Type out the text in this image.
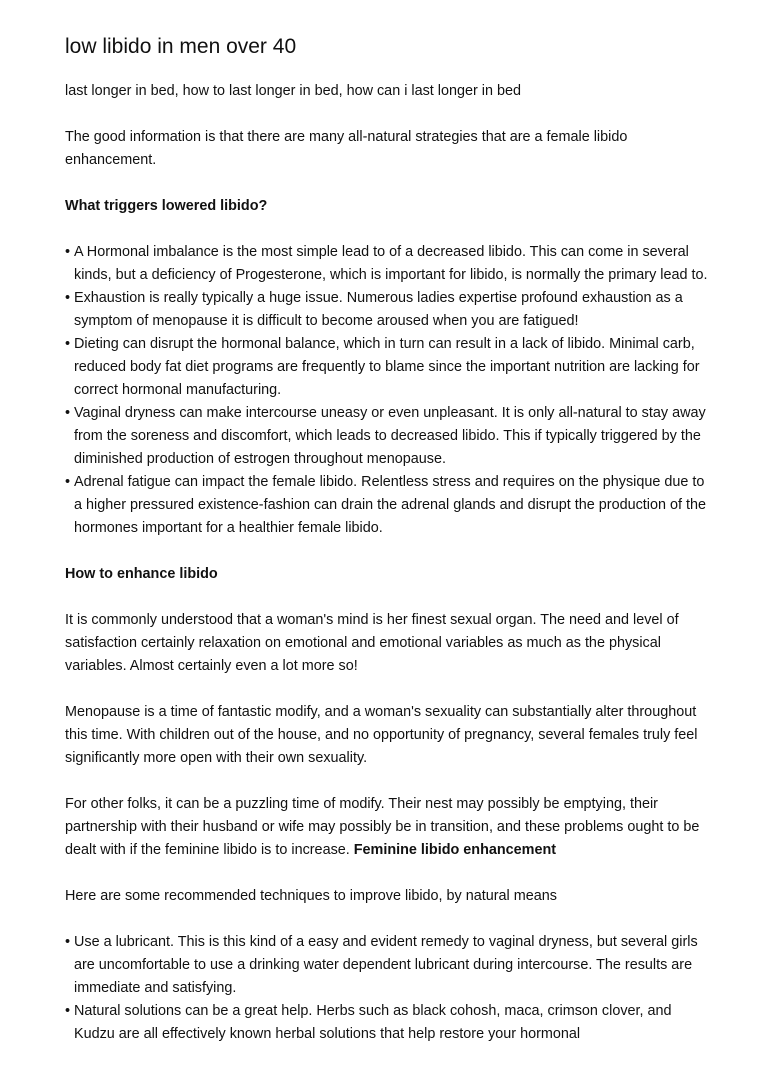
low libido in men over 40

last longer in bed, how to last longer in bed, how can i last longer in bed

The good information is that there are many all-natural strategies that are a female libido enhancement.

What triggers lowered libido?
• A Hormonal imbalance is the most simple lead to of a decreased libido. This can come in several kinds, but a deficiency of Progesterone, which is important for libido, is normally the primary lead to.
• Exhaustion is really typically a huge issue. Numerous ladies expertise profound exhaustion as a symptom of menopause it is difficult to become aroused when you are fatigued!
• Dieting can disrupt the hormonal balance, which in turn can result in a lack of libido. Minimal carb, reduced body fat diet programs are frequently to blame since the important nutrition are lacking for correct hormonal manufacturing.
• Vaginal dryness can make intercourse uneasy or even unpleasant. It is only all-natural to stay away from the soreness and discomfort, which leads to decreased libido. This if typically triggered by the diminished production of estrogen throughout menopause.
• Adrenal fatigue can impact the female libido. Relentless stress and requires on the physique due to a higher pressured existence-fashion can drain the adrenal glands and disrupt the production of the hormones important for a healthier female libido.
How to enhance libido

It is commonly understood that a woman's mind is her finest sexual organ. The need and level of satisfaction certainly relaxation on emotional and emotional variables as much as the physical variables. Almost certainly even a lot more so!

Menopause is a time of fantastic modify, and a woman's sexuality can substantially alter throughout this time. With children out of the house, and no opportunity of pregnancy, several females truly feel significantly more open with their own sexuality.

For other folks, it can be a puzzling time of modify. Their nest may possibly be emptying, their partnership with their husband or wife may possibly be in transition, and these problems ought to be dealt with if the feminine libido is to increase. Feminine libido enhancement

Here are some recommended techniques to improve libido, by natural means

• Use a lubricant. This is this kind of a easy and evident remedy to vaginal dryness, but several girls are uncomfortable to use a drinking water dependent lubricant during intercourse. The results are immediate and satisfying.
• Natural solutions can be a great help. Herbs such as black cohosh, maca, crimson clover, and Kudzu are all effectively known herbal solutions that help restore your hormonal
